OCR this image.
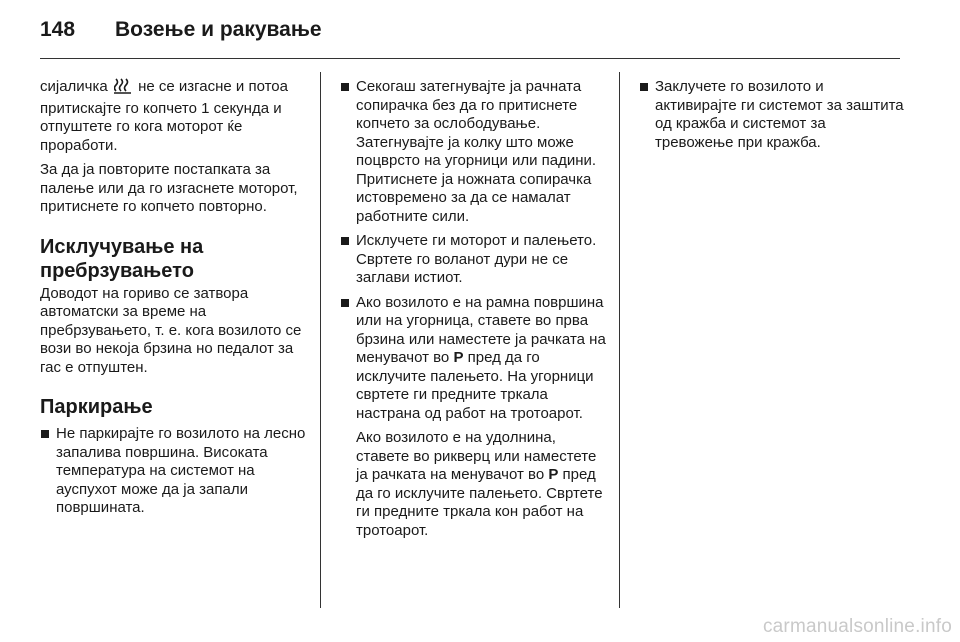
148	Возење и ракување

сијаличка не се изгасне и потоа притискајте го копчето 1 секунда и отпуштете го кога моторот ќе проработи.

За да ја повторите постапката за палење или да го изгаснете моторот, притиснете го копчето повторно.

Исклучување на пребрзувањето

Доводот на гориво се затвора автоматски за време на пребрзувањето, т. е. кога возилото се вози во некоја брзина но педалот за гас е отпуштен.

Паркирање
Не паркирајте го возилото на лесно запалива површина. Високата температура на системот на ауспухот може да ја запали површината.
Секогаш затегнувајте ја рачната сопирачка без да го притиснете копчето за ослободување. Затегнувајте ја колку што може поцврсто на угорници или падини. Притиснете ја ножната сопирачка истовремено за да се намалат работните сили.
Исклучете ги моторот и палењето. Свртете го воланот дури не се заглави истиот.
Ако возилото е на рамна површина или на угорница, ставете во прва брзина или наместете ја рачката на менувачот во P пред да го исклучите палењето. На угорници свртете ги предните тркала настрана од работ на тротоарот.
Ако возилото е на удолнина, ставете во рикверц или наместете ја рачката на менувачот во P пред да го исклучите палењето. Свртете ги предните тркала кон работ на тротоарот.
Заклучете го возилото и активирајте ги системот за заштита од кражба и системот за тревожење при кражба.
carmanualsonline.info
